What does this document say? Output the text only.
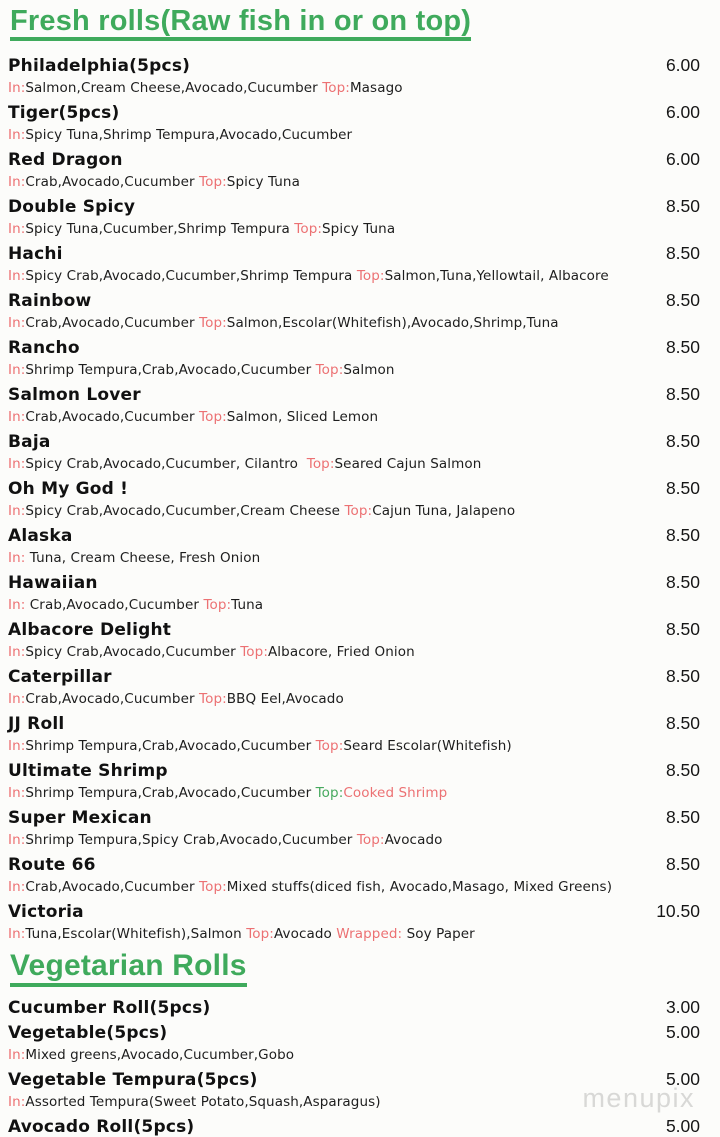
Fresh rolls(Raw fish in or on top)
Philadelphia(5pcs)	6.00
In:Salmon,Cream Cheese,Avocado,Cucumber Top:Masago
Tiger(5pcs)	6.00
In:Spicy Tuna,Shrimp Tempura,Avocado,Cucumber
Red Dragon	6.00
In:Crab,Avocado,Cucumber Top:Spicy Tuna
Double Spicy	8.50
In:Spicy Tuna,Cucumber,Shrimp Tempura Top:Spicy Tuna
Hachi	8.50
In:Spicy Crab,Avocado,Cucumber,Shrimp Tempura Top:Salmon,Tuna,Yellowtail, Albacore
Rainbow	8.50
In:Crab,Avocado,Cucumber Top:Salmon,Escolar(Whitefish),Avocado,Shrimp,Tuna
Rancho	8.50
In:Shrimp Tempura,Crab,Avocado,Cucumber Top:Salmon
Salmon Lover	8.50
In:Crab,Avocado,Cucumber Top:Salmon, Sliced Lemon
Baja	8.50
In:Spicy Crab,Avocado,Cucumber, Cilantro  Top:Seared Cajun Salmon
Oh My God !	8.50
In:Spicy Crab,Avocado,Cucumber,Cream Cheese Top:Cajun Tuna, Jalapeno
Alaska	8.50
In: Tuna, Cream Cheese, Fresh Onion
Hawaiian	8.50
In: Crab,Avocado,Cucumber Top:Tuna
Albacore Delight	8.50
In:Spicy Crab,Avocado,Cucumber Top:Albacore, Fried Onion
Caterpillar	8.50
In:Crab,Avocado,Cucumber Top:BBQ Eel,Avocado
JJ Roll	8.50
In:Shrimp Tempura,Crab,Avocado,Cucumber Top:Seard Escolar(Whitefish)
Ultimate Shrimp	8.50
In:Shrimp Tempura,Crab,Avocado,Cucumber Top:Cooked Shrimp
Super Mexican	8.50
In:Shrimp Tempura,Spicy Crab,Avocado,Cucumber Top:Avocado
Route 66	8.50
In:Crab,Avocado,Cucumber Top:Mixed stuffs(diced fish, Avocado,Masago, Mixed Greens)
Victoria	10.50
In:Tuna,Escolar(Whitefish),Salmon Top:Avocado Wrapped: Soy Paper
Vegetarian Rolls
Cucumber Roll(5pcs)	3.00
Vegetable(5pcs)	5.00
In:Mixed greens,Avocado,Cucumber,Gobo
Vegetable Tempura(5pcs)	5.00
In:Assorted Tempura(Sweet Potato,Squash,Asparagus)
Avocado Roll(5pcs)	5.00
menupix
